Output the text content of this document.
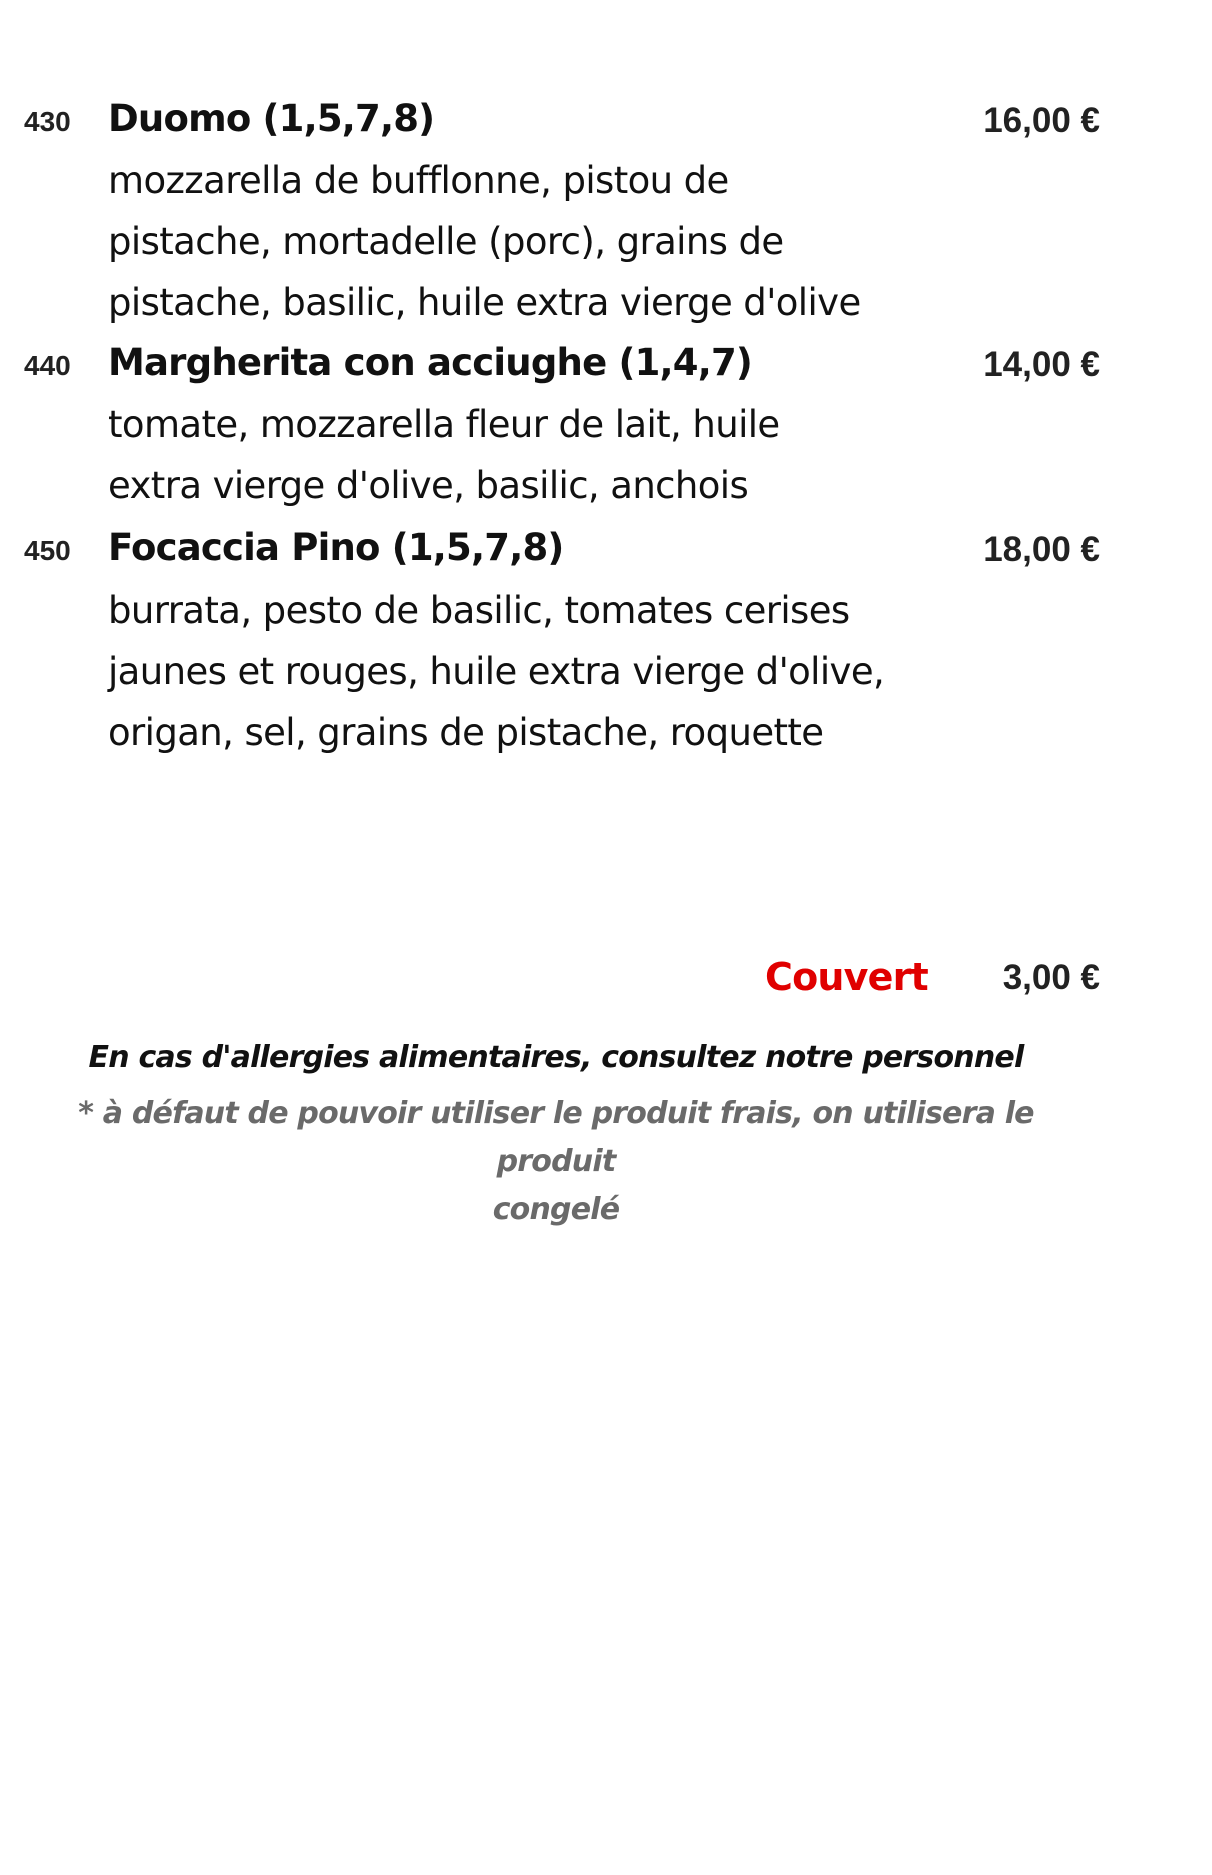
430 Duomo (1,5,7,8)	16,00 €
mozzarella de bufflonne, pistou de
pistache, mortadelle (porc), grains de
pistache, basilic, huile extra vierge d'olive
440 Margherita con acciughe (1,4,7)	14,00 €
tomate, mozzarella fleur de lait, huile
extra vierge d'olive, basilic, anchois
450 Focaccia Pino (1,5,7,8)	18,00 €
burrata, pesto de basilic, tomates cerises
jaunes et rouges, huile extra vierge d'olive,
origan, sel, grains de pistache, roquette
Couvert 3,00 €
En cas d'allergies alimentaires, consultez notre personnel
* à défaut de pouvoir utiliser le produit frais, on utilisera le produit
congelé
